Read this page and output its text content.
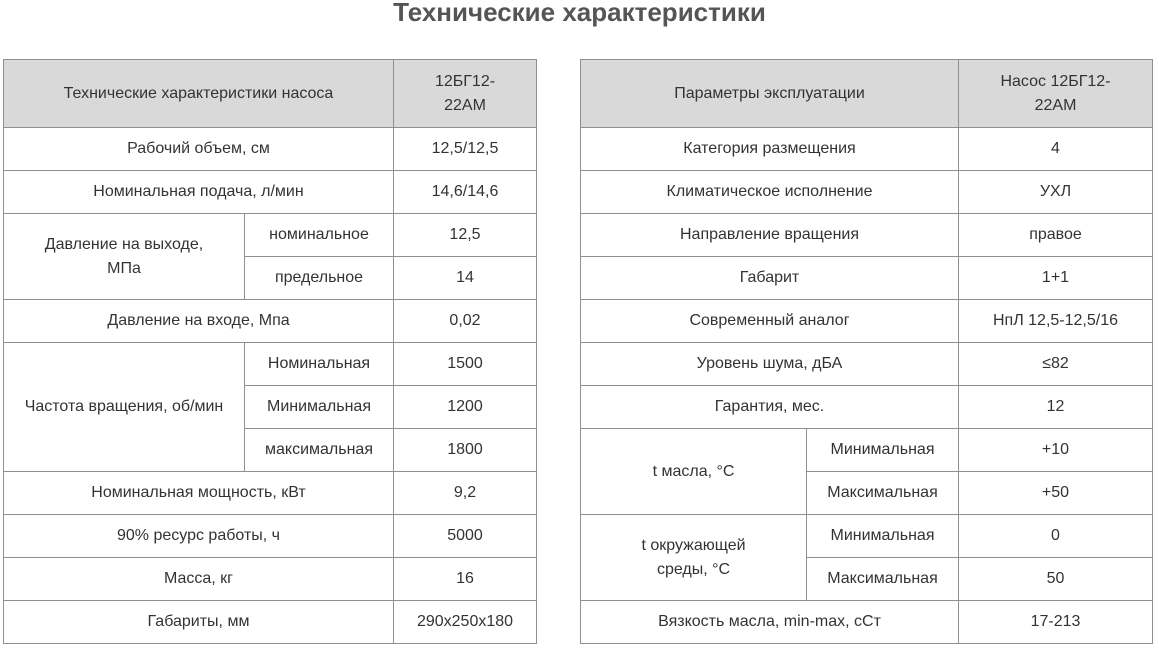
Технические характеристики
Технические характеристики насоса		12БГ12-22АМ
Рабочий объем, см		12,5/12,5
Номинальная подача, л/мин		14,6/14,6
Давление на выходе, МПа	номинальное	12,5
	предельное	14
Давление на входе, Мпа		0,02
Частота вращения, об/мин	Номинальная	1500
	Минимальная	1200
	максимальная	1800
Номинальная мощность, кВт		9,2
90% ресурс работы, ч		5000
Масса, кг		16
Габариты, мм		290x250x180
Параметры эксплуатации		Насос 12БГ12-22АМ
Категория размещения		4
Климатическое исполнение		УХЛ
Направление вращения		правое
Габарит		1+1
Современный аналог		НпЛ 12,5-12,5/16
Уровень шума, дБА		≤82
Гарантия, мес.		12
t масла, °С	Минимальная	+10
	Максимальная	+50
t окружающей среды, °С	Минимальная	0
	Максимальная	50
Вязкость масла, min-max, сСт		17-213
